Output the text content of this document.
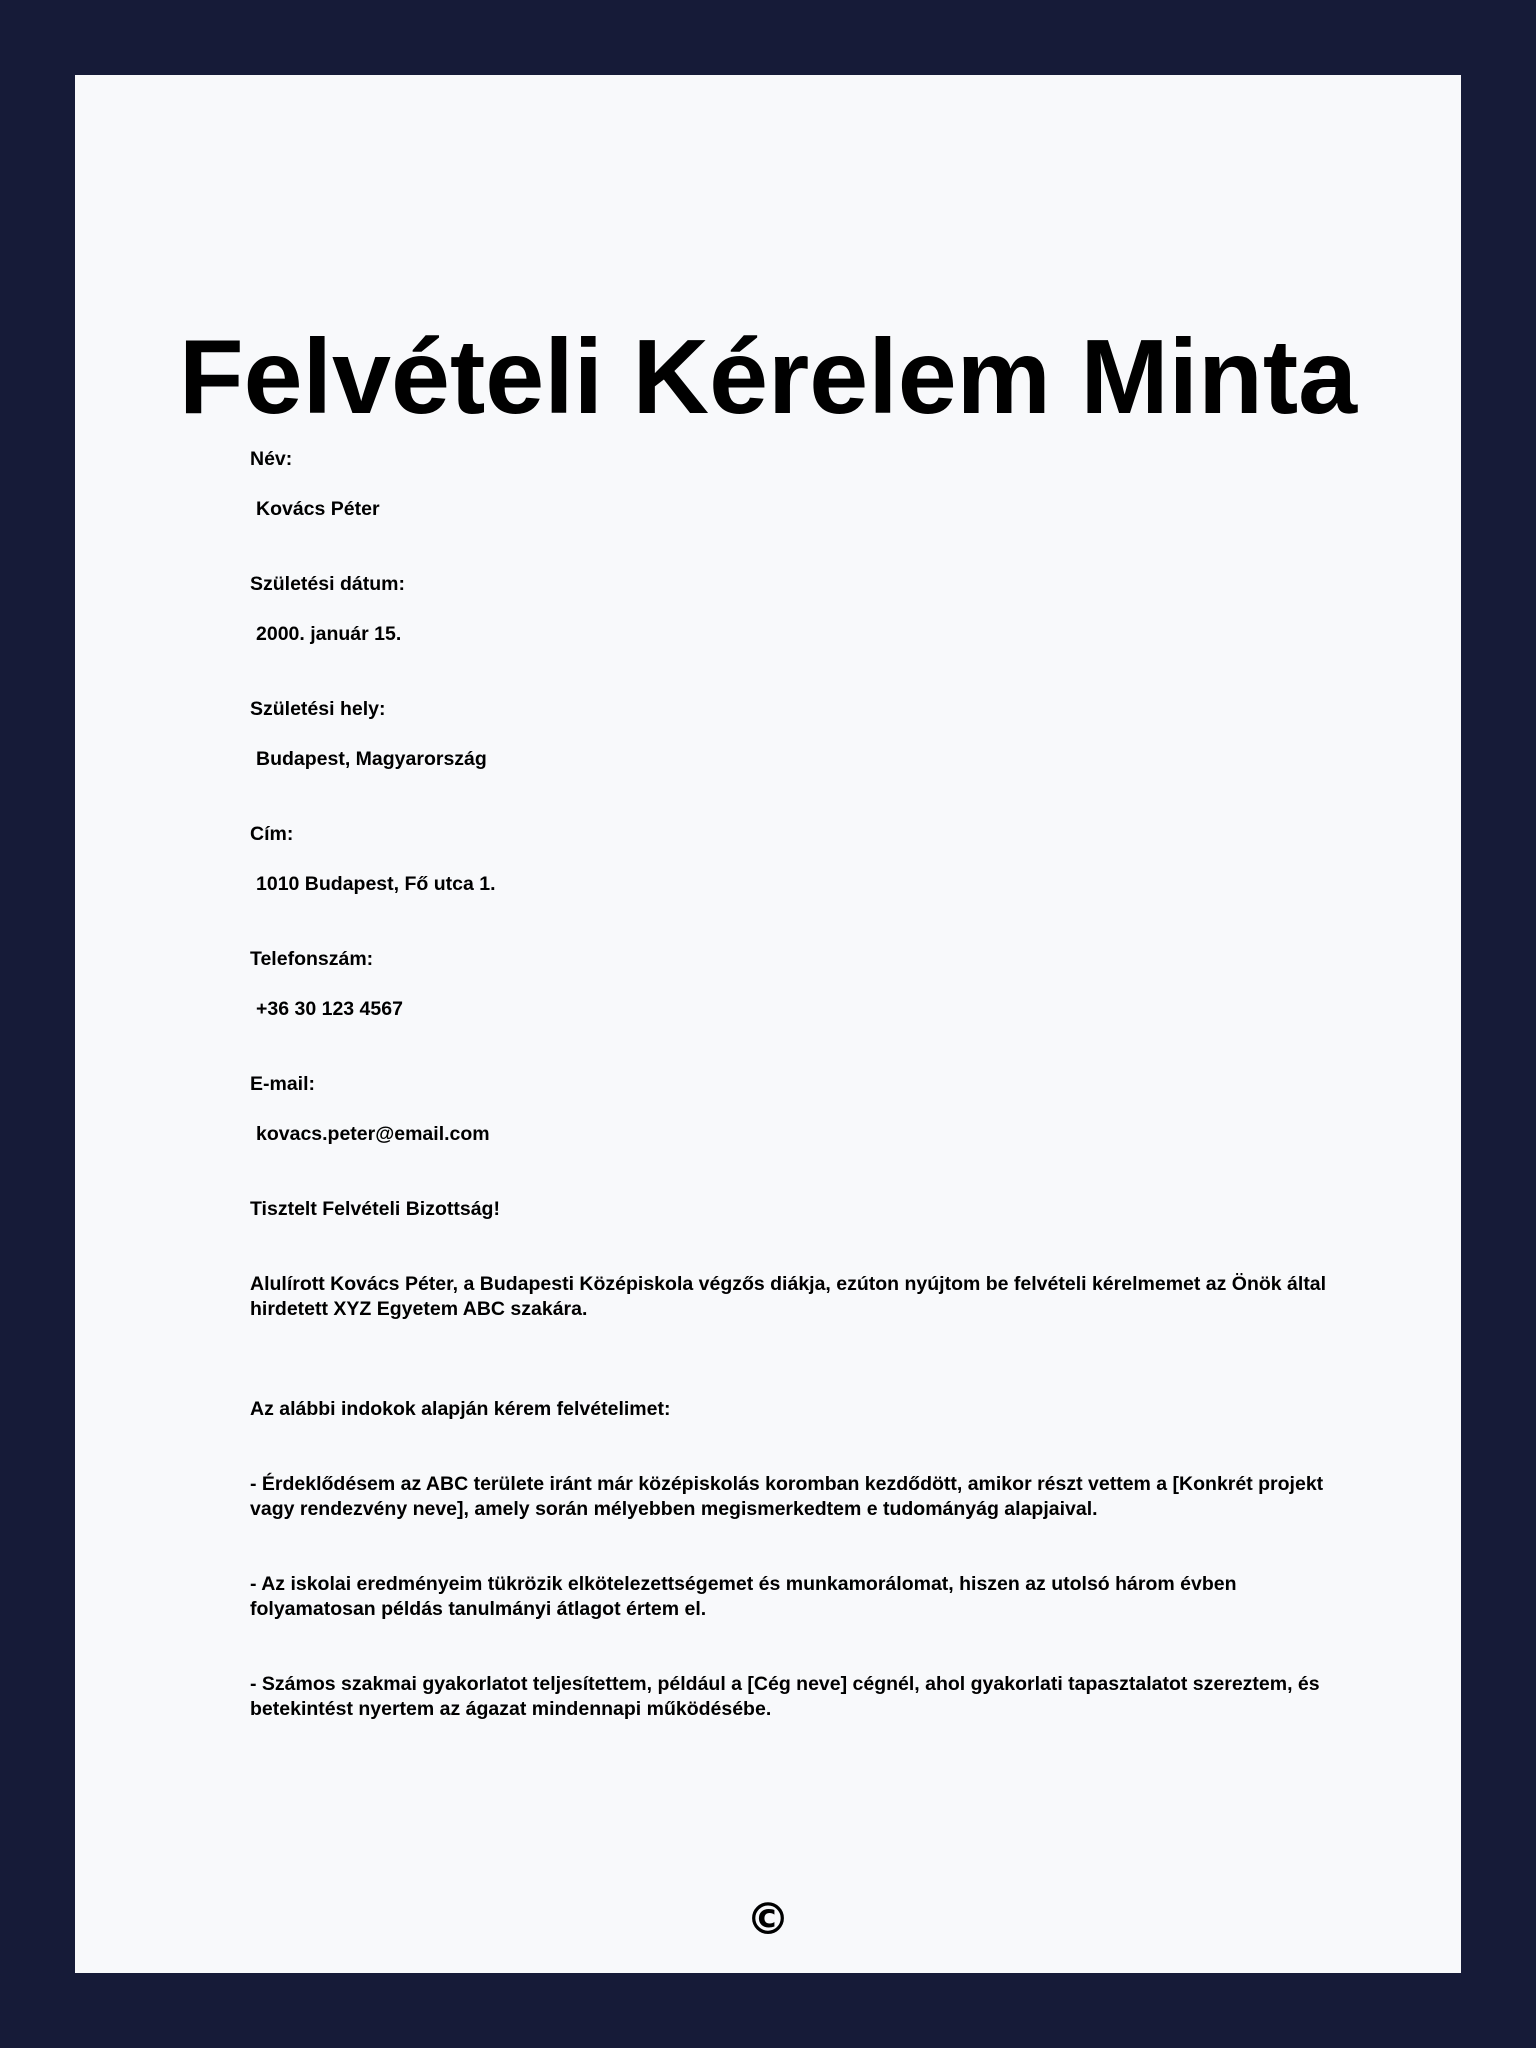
Felvételi Kérelem Minta
Név:
Kovács Péter
Születési dátum:
2000. január 15.
Születési hely:
Budapest, Magyarország
Cím:
1010 Budapest, Fő utca 1.
Telefonszám:
+36 30 123 4567
E-mail:
kovacs.peter@email.com

Tisztelt Felvételi Bizottság!

Alulírott Kovács Péter, a Budapesti Középiskola végzős diákja, ezúton nyújtom be felvételi kérelmemet az Önök által hirdetett XYZ Egyetem ABC szakára.

Az alábbi indokok alapján kérem felvételimet:

- Érdeklődésem az ABC területe iránt már középiskolás koromban kezdődött, amikor részt vettem a [Konkrét projekt vagy rendezvény neve], amely során mélyebben megismerkedtem e tudományág alapjaival.

- Az iskolai eredményeim tükrözik elkötelezettségemet és munkamorálomat, hiszen az utolsó három évben folyamatosan példás tanulmányi átlagot értem el.

- Számos szakmai gyakorlatot teljesítettem, például a [Cég neve] cégnél, ahol gyakorlati tapasztalatot szereztem, és betekintést nyertem az ágazat mindennapi működésébe.

©
